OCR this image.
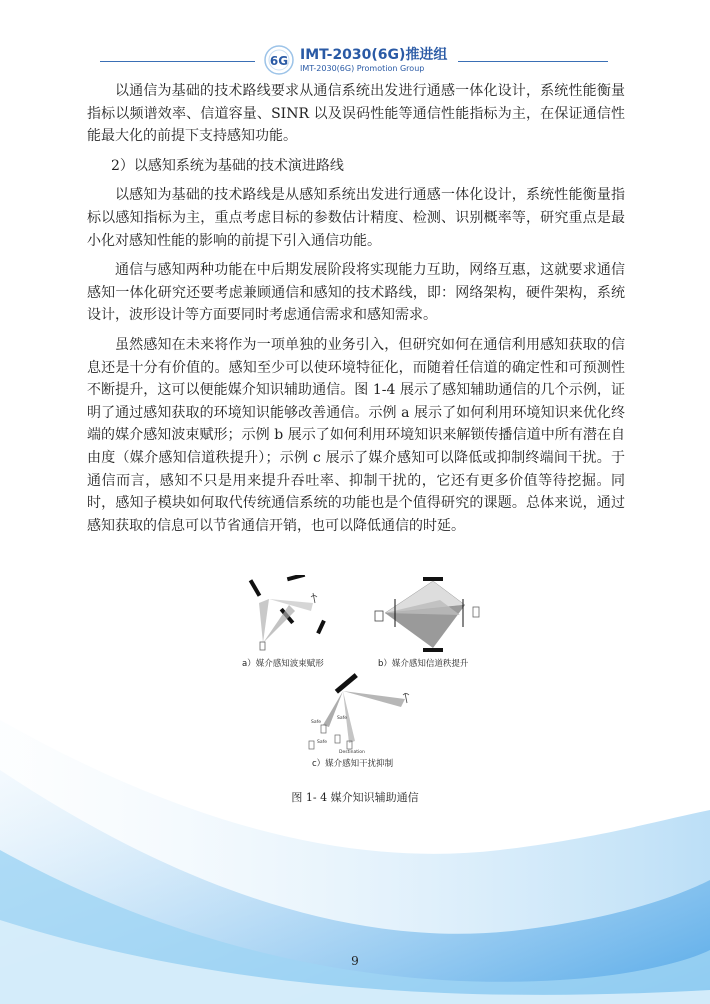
6G IMT-2030(6G)推进组
IMT-2030(6G) Promotion Group

以通信为基础的技术路线要求从通信系统出发进行通感一体化设计，系统性能衡量指标以频谱效率、信道容量、SINR 以及误码性能等通信性能指标为主，在保证通信性能最大化的前提下支持感知功能。

2）以感知系统为基础的技术演进路线

以感知为基础的技术路线是从感知系统出发进行通感一体化设计，系统性能衡量指标以感知指标为主，重点考虑目标的参数估计精度、检测、识别概率等，研究重点是最小化对感知性能的影响的前提下引入通信功能。

通信与感知两种功能在中后期发展阶段将实现能力互助，网络互惠，这就要求通信感知一体化研究还要考虑兼顾通信和感知的技术路线，即：网络架构，硬件架构，系统设计，波形设计等方面要同时考虑通信需求和感知需求。

虽然感知在未来将作为一项单独的业务引入，但研究如何在通信利用感知获取的信息还是十分有价值的。感知至少可以使环境特征化，而随着任信道的确定性和可预测性不断提升，这可以便能媒介知识辅助通信。图 1-4 展示了感知辅助通信的几个示例，证明了通过感知获取的环境知识能够改善通信。示例 a 展示了如何利用环境知识来优化终端的媒介感知波束赋形；示例 b 展示了如何利用环境知识来解锁传播信道中所有潜在自由度（媒介感知信道秩提升）；示例 c 展示了媒介感知可以降低或抑制终端间干扰。于通信而言，感知不只是用来提升吞吐率、抑制干扰的，它还有更多价值等待挖掘。同时，感知子模块如何取代传统通信系统的功能也是个值得研究的课题。总体来说，通过感知获取的信息可以节省通信开销，也可以降低通信的时延。

Safe
Safe
Safe
Destination
a）媒介感知波束赋形	b）媒介感知信道秩提升
c）媒介感知干扰抑制
图 1- 4 媒介知识辅助通信
9
